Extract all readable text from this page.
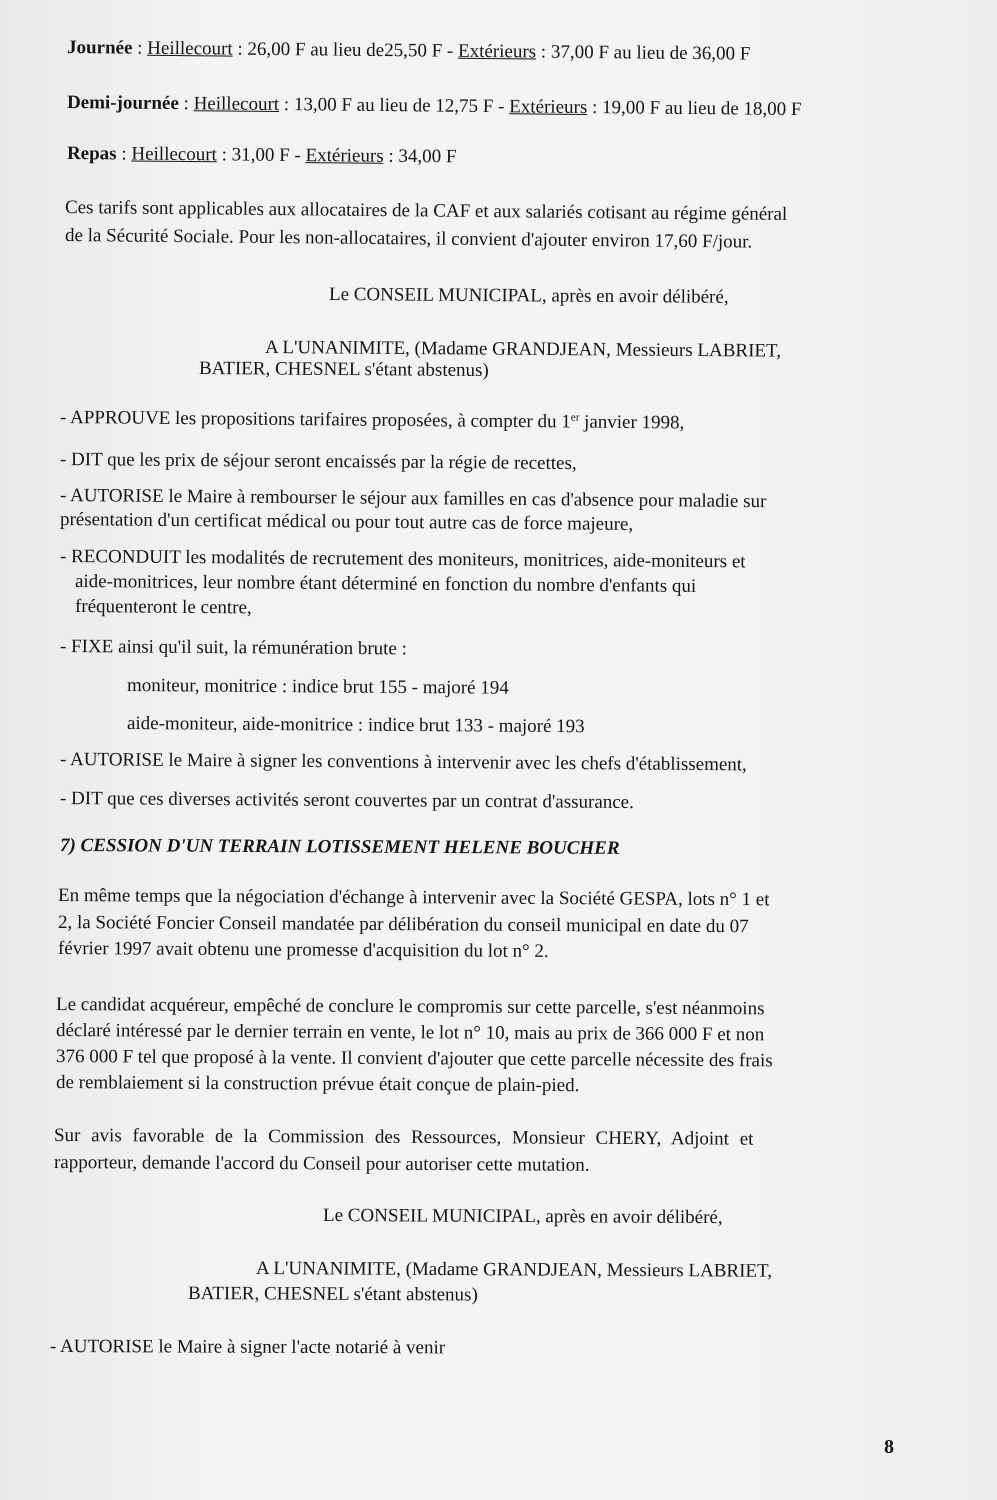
Journée : Heillecourt : 26,00 F au lieu de25,50 F - Extérieurs : 37,00 F au lieu de 36,00 F
Demi-journée : Heillecourt : 13,00 F au lieu de 12,75 F - Extérieurs : 19,00 F au lieu de 18,00 F
Repas : Heillecourt : 31,00 F - Extérieurs : 34,00 F
Ces tarifs sont applicables aux allocataires de la CAF et aux salariés cotisant au régime général
de la Sécurité Sociale. Pour les non-allocataires, il convient d'ajouter environ 17,60 F/jour.
Le CONSEIL MUNICIPAL, après en avoir délibéré,
A L'UNANIMITE, (Madame GRANDJEAN, Messieurs LABRIET,
BATIER, CHESNEL s'étant abstenus)
- APPROUVE les propositions tarifaires proposées, à compter du 1er janvier 1998,
- DIT que les prix de séjour seront encaissés par la régie de recettes,
- AUTORISE le Maire à rembourser le séjour aux familles en cas d'absence pour maladie sur
présentation d'un certificat médical ou pour tout autre cas de force majeure,
- RECONDUIT les modalités de recrutement des moniteurs, monitrices, aide-moniteurs et
aide-monitrices, leur nombre étant déterminé en fonction du nombre d'enfants qui
fréquenteront le centre,
- FIXE ainsi qu'il suit, la rémunération brute :
moniteur, monitrice : indice brut 155 - majoré 194
aide-moniteur, aide-monitrice : indice brut 133 - majoré 193
- AUTORISE le Maire à signer les conventions à intervenir avec les chefs d'établissement,
- DIT que ces diverses activités seront couvertes par un contrat d'assurance.
7) CESSION D'UN TERRAIN LOTISSEMENT HELENE BOUCHER
En même temps que la négociation d'échange à intervenir avec la Société GESPA, lots n° 1 et
2, la Société Foncier Conseil mandatée par délibération du conseil municipal en date du 07
février 1997 avait obtenu une promesse d'acquisition du lot n° 2.
Le candidat acquéreur, empêché de conclure le compromis sur cette parcelle, s'est néanmoins
déclaré intéressé par le dernier terrain en vente, le lot n° 10, mais au prix de 366 000 F et non
376 000 F tel que proposé à la vente. Il convient d'ajouter que cette parcelle nécessite des frais
de remblaiement si la construction prévue était conçue de plain-pied.
Sur avis favorable de la Commission des Ressources, Monsieur CHERY, Adjoint et
rapporteur, demande l'accord du Conseil pour autoriser cette mutation.
Le CONSEIL MUNICIPAL, après en avoir délibéré,
A L'UNANIMITE, (Madame GRANDJEAN, Messieurs LABRIET,
BATIER, CHESNEL s'étant abstenus)
- AUTORISE le Maire à signer l'acte notarié à venir
8
